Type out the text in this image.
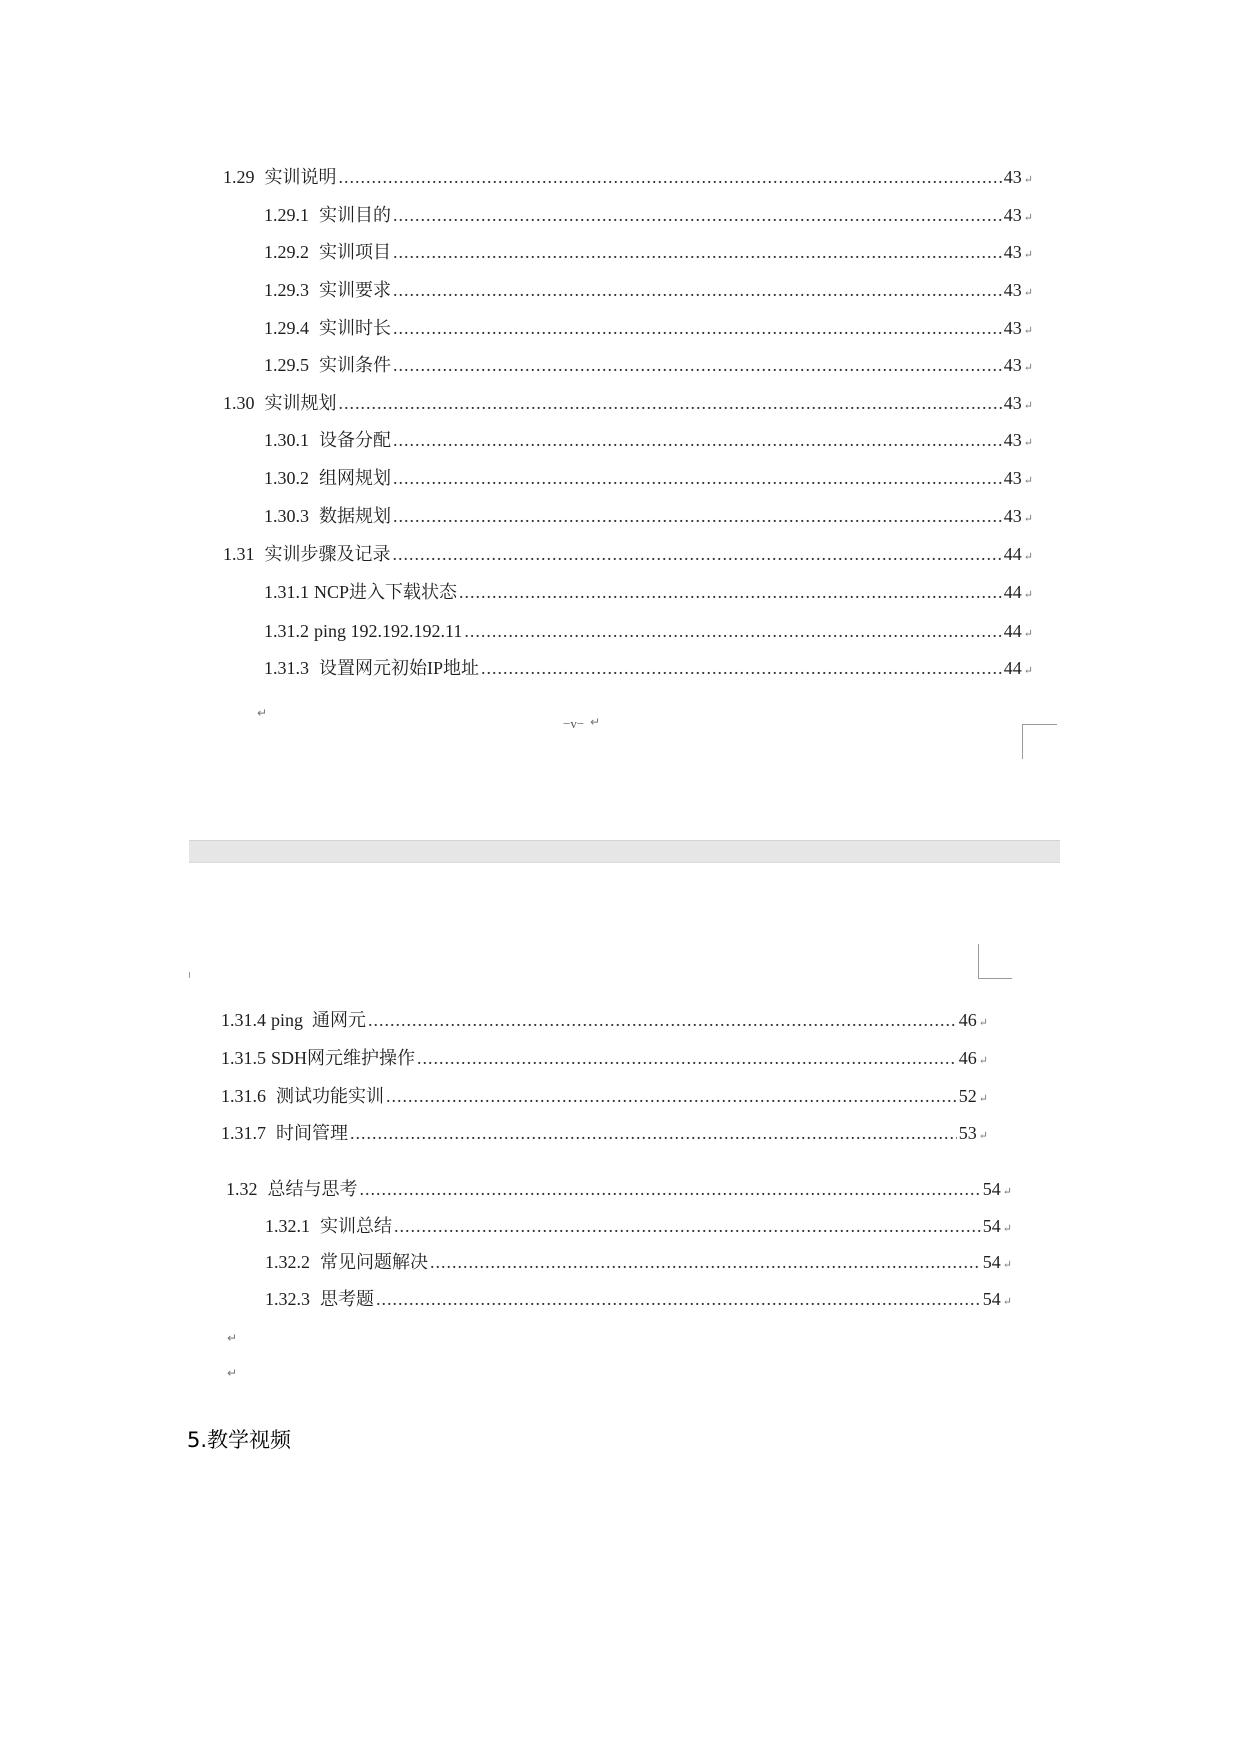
1.29 实训说明 .....	43 ↵
1.29.1 实训目的 .....	43 ↵
1.29.2 实训项目 .....	43 ↵
1.29.3 实训要求 .....	43 ↵
1.29.4 实训时长 .....	43 ↵
1.29.5 实训条件 .....	43 ↵
1.30 实训规划 .....	43 ↵
1.30.1 设备分配 .....	43 ↵
1.30.2 组网规划 .....	43 ↵
1.30.3 数据规划 .....	43 ↵
1.31 实训步骤及记录 .....	44 ↵
1.31.1 NCP进入下载状态 .....	44 ↵
1.31.2 ping 192.192.192.11 .....	44 ↵
1.31.3 设置网元初始IP地址 .....	44 ↵
↵
−v− ↵
1.31.4 ping  通网元 .....	46 ↵
1.31.5 SDH网元维护操作 .....	46 ↵
1.31.6 测试功能实训 .....	52 ↵
1.31.7 时间管理 .....	53 ↵
1.32 总结与思考 .....	54 ↵
1.32.1 实训总结 .....	54 ↵
1.32.2 常见问题解决 .....	54 ↵
1.32.3 思考题 .....	54 ↵
↵
↵
5.教学视频
